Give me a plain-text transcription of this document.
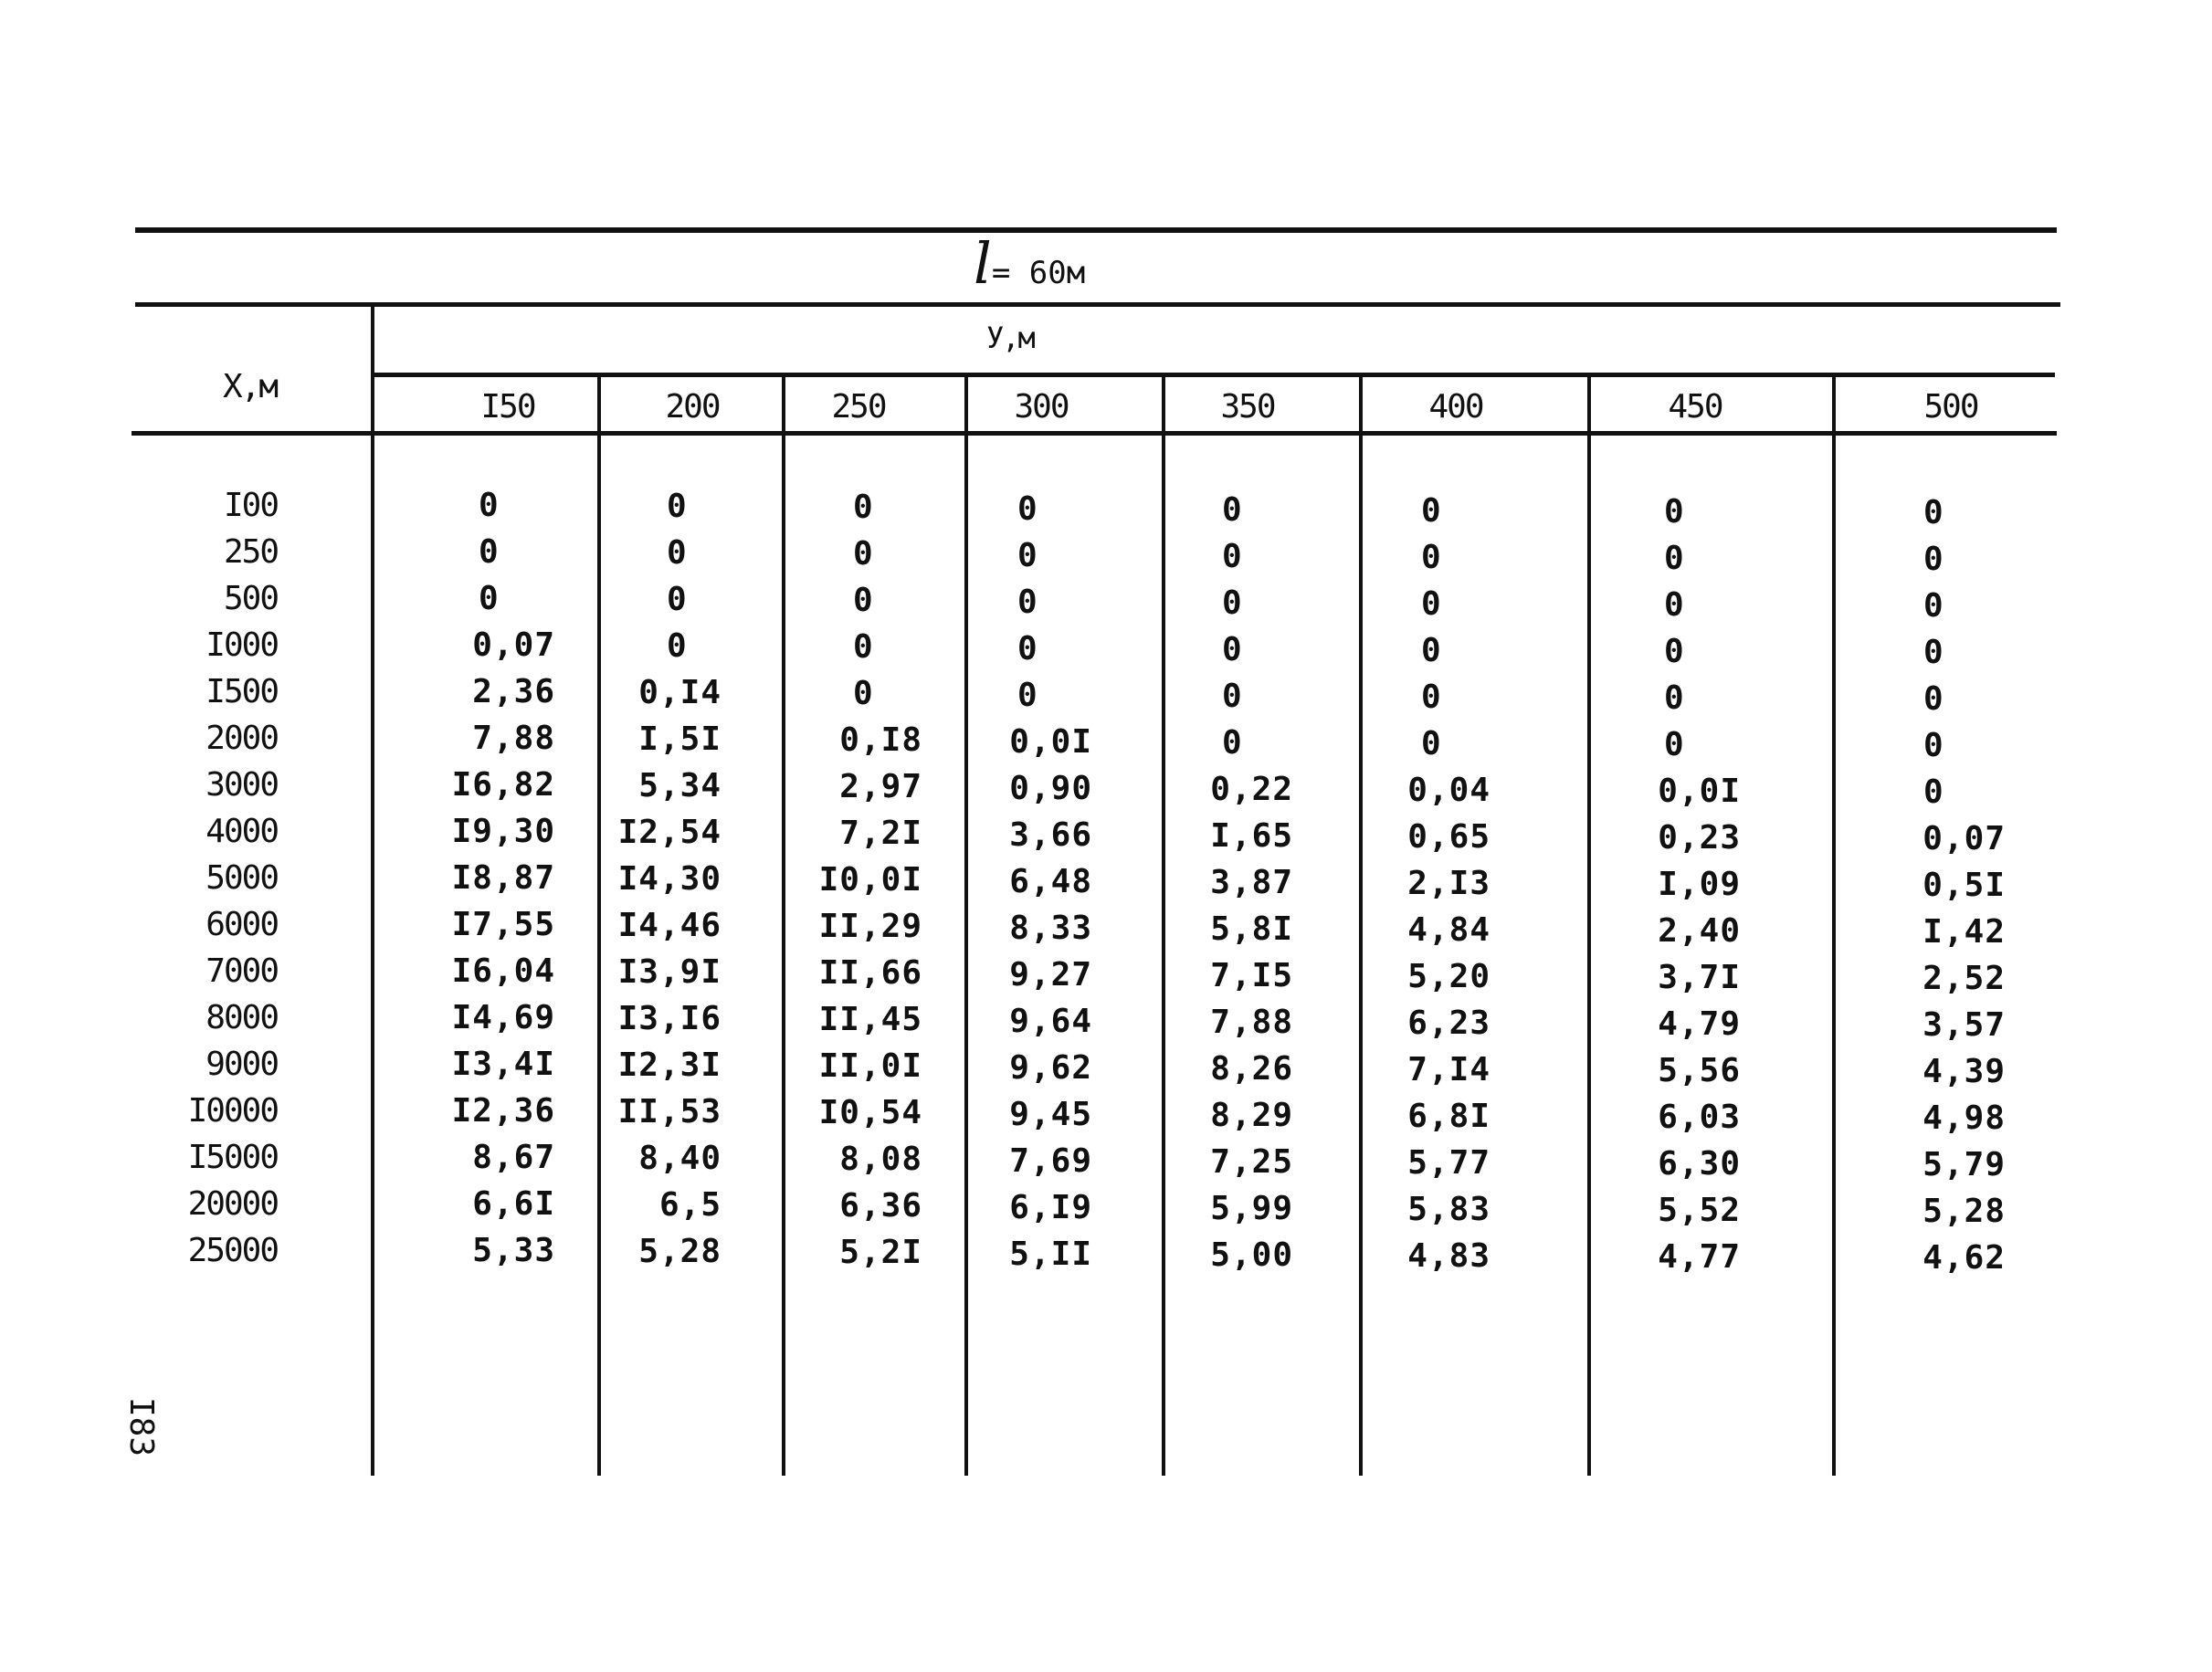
l= 60м
X,м
У,м
I50	200	250	300	350	400	450	500
I00	0	0	0	0	0	0	0	0
250	0	0	0	0	0	0	0	0
500	0	0	0	0	0	0	0	0
I000	0,07	0	0	0	0	0	0	0
I500	2,36	0,I4	0	0	0	0	0	0
2000	7,88	I,5I	0,I8	0,0I	0	0	0	0
3000	I6,82	5,34	2,97	0,90	0,22	0,04	0,0I	0
4000	I9,30	I2,54	7,2I	3,66	I,65	0,65	0,23	0,07
5000	I8,87	I4,30	I0,0I	6,48	3,87	2,I3	I,09	0,5I
6000	I7,55	I4,46	II,29	8,33	5,8I	4,84	2,40	I,42
7000	I6,04	I3,9I	II,66	9,27	7,I5	5,20	3,7I	2,52
8000	I4,69	I3,I6	II,45	9,64	7,88	6,23	4,79	3,57
9000	I3,4I	I2,3I	II,0I	9,62	8,26	7,I4	5,56	4,39
I0000	I2,36	II,53	I0,54	9,45	8,29	6,8I	6,03	4,98
I5000	8,67	8,40	8,08	7,69	7,25	5,77	6,30	5,79
20000	6,6I	6,5	6,36	6,I9	5,99	5,83	5,52	5,28
25000	5,33	5,28	5,2I	5,II	5,00	4,83	4,77	4,62
I83
